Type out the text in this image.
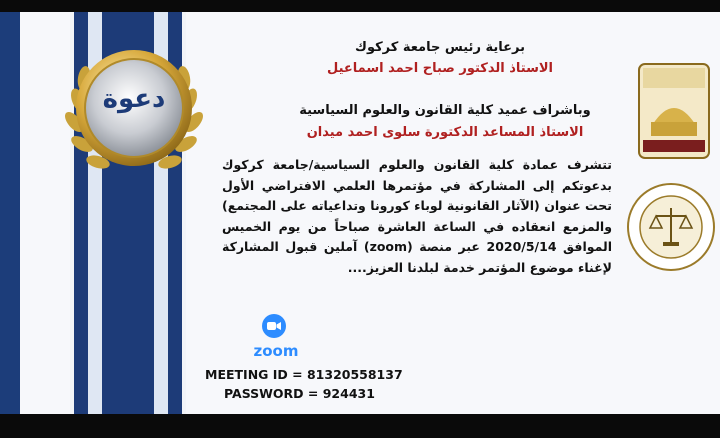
دعوة
برعاية رئيس جامعة كركوك
الاستاذ الدكتور صباح احمد اسماعيل
وباشراف عميد كلية القانون والعلوم السياسية
الاستاذ المساعد الدكتورة سلوى احمد ميدان
تتشرف عمادة كلية القانون والعلوم السياسية/جامعة كركوك بدعوتكم إلى المشاركة في مؤتمرها العلمي الافتراضي الأول تحت عنوان (الآثار القانونية لوباء كورونا وتداعياته على المجتمع) والمزمع انعقاده في الساعة العاشرة صباحاً من يوم الخميس الموافق 2020/5/14 عبر منصة (zoom) آملين قبول المشاركة لإغناء موضوع المؤتمر خدمة لبلدنا العزيز....
zoom
MEETING ID = 81320558137
PASSWORD = 924431
